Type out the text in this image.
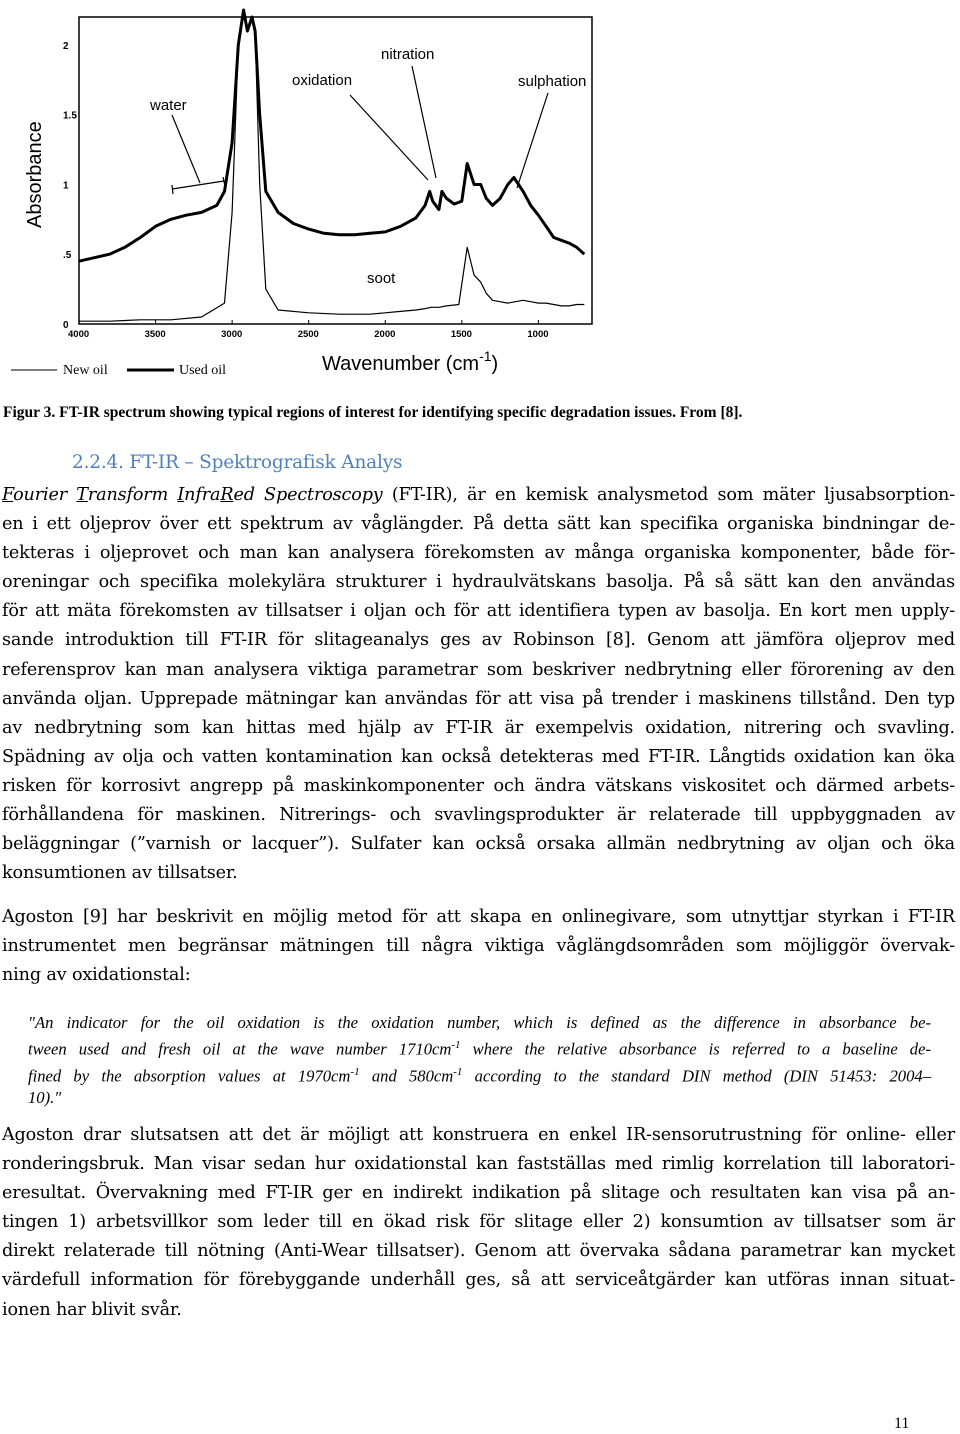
Absorbance
2
1.5
1
.5
0
4000	3500	3000	2500	2000	1500	1000
water
oxidation
nitration
sulphation
soot
Wavenumber $(cm^{-1})$
New oil	Used oil
Figur 3. FT-IR spectrum showing typical regions of interest for identifying specific degradation issues. From [8].
2.2.4. FT-IR – Spektrografisk Analys
Fourier Transform InfraRed Spectroscopy (FT-IR), är en kemisk analysmetod som mäter ljusabsorption-
en i ett oljeprov över ett spektrum av våglängder. På detta sätt kan specifika organiska bindningar de-
tekteras i oljeprovet och man kan analysera förekomsten av många organiska komponenter, både för-
oreningar och specifika molekylära strukturer i hydraulvätskans basolja. På så sätt kan den användas
för att mäta förekomsten av tillsatser i oljan och för att identifiera typen av basolja. En kort men upply-
sande introduktion till FT-IR för slitageanalys ges av Robinson [8]. Genom att jämföra oljeprov med
referensprov kan man analysera viktiga parametrar som beskriver nedbrytning eller förorening av den
använda oljan. Upprepade mätningar kan användas för att visa på trender i maskinens tillstånd. Den typ
av nedbrytning som kan hittas med hjälp av FT-IR är exempelvis oxidation, nitrering och svavling.
Spädning av olja och vatten kontamination kan också detekteras med FT-IR. Långtids oxidation kan öka
risken för korrosivt angrepp på maskinkomponenter och ändra vätskans viskositet och därmed arbets-
förhållandena för maskinen. Nitrerings- och svavlingsprodukter är relaterade till uppbyggnaden av
beläggningar (”varnish or lacquer”). Sulfater kan också orsaka allmän nedbrytning av oljan och öka
konsumtionen av tillsatser.
Agoston [9] har beskrivit en möjlig metod för att skapa en onlinegivare, som utnyttjar styrkan i FT-IR
instrumentet men begränsar mätningen till några viktiga våglängdsområden som möjliggör övervak-
ning av oxidationstal:
"An indicator for the oil oxidation is the oxidation number, which is defined as the difference in absorbance be-
tween used and fresh oil at the wave number $1710cm^{-1}$ where the relative absorbance is referred to a baseline de-
fined by the absorption values at $1970cm^{-1}$ and $580cm^{-1}$ according to the standard DIN method (DIN 51453: 2004–
10)."
Agoston drar slutsatsen att det är möjligt att konstruera en enkel IR-sensorutrustning för online- eller
ronderingsbruk. Man visar sedan hur oxidationstal kan fastställas med rimlig korrelation till laboratori-
eresultat. Övervakning med FT-IR ger en indirekt indikation på slitage och resultaten kan visa på an-
tingen 1) arbetsvillkor som leder till en ökad risk för slitage eller 2) konsumtion av tillsatser som är
direkt relaterade till nötning (Anti-Wear tillsatser). Genom att övervaka sådana parametrar kan mycket
värdefull information för förebyggande underhåll ges, så att serviceåtgärder kan utföras innan situat-
ionen har blivit svår.
11
